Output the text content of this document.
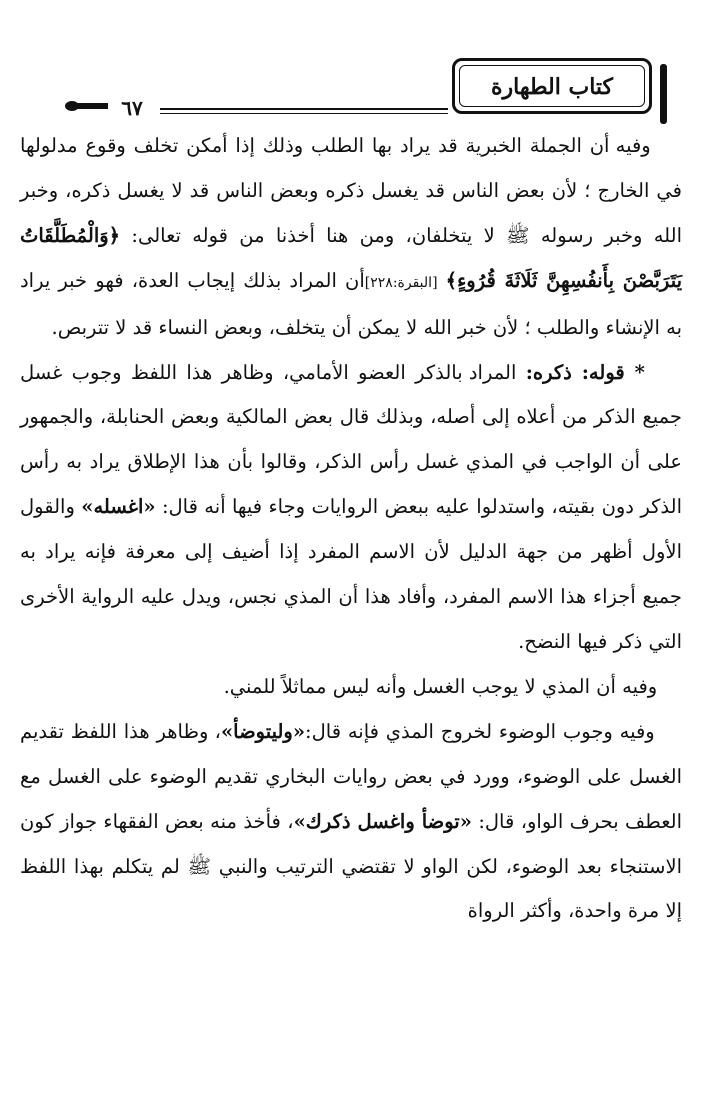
كتاب الطهارة
٦٧

وفيه أن الجملة الخبرية قد يراد بها الطلب وذلك إذا أمكن تخلف وقوع مدلولها في الخارج ؛ لأن بعض الناس قد يغسل ذكره وبعض الناس قد لا يغسل ذكره، وخبر الله وخبر رسوله ﷺ لا يتخلفان، ومن هنا أخذنا من قوله تعالى: ﴿وَالْمُطَلَّقَاتُ يَتَرَبَّصْنَ بِأَنفُسِهِنَّ ثَلَاثَةَ قُرُوءٍ﴾ [البقرة:٢٢٨]أن المراد بذلك إيجاب العدة، فهو خبر يراد به الإنشاء والطلب ؛ لأن خبر الله لا يمكن أن يتخلف، وبعض النساء قد لا تتربص.

* قوله: ذكره: المراد بالذكر العضو الأمامي، وظاهر هذا اللفظ وجوب غسل جميع الذكر من أعلاه إلى أصله، وبذلك قال بعض المالكية وبعض الحنابلة، والجمهور على أن الواجب في المذي غسل رأس الذكر، وقالوا بأن هذا الإطلاق يراد به رأس الذكر دون بقيته، واستدلوا عليه ببعض الروايات وجاء فيها أنه قال: «اغسله» والقول الأول أظهر من جهة الدليل لأن الاسم المفرد إذا أضيف إلى معرفة فإنه يراد به جميع أجزاء هذا الاسم المفرد، وأفاد هذا أن المذي نجس، ويدل عليه الرواية الأخرى التي ذكر فيها النضح.

وفيه أن المذي لا يوجب الغسل وأنه ليس مماثلاً للمني.

وفيه وجوب الوضوء لخروج المذي فإنه قال:«وليتوضأ»، وظاهر هذا اللفظ تقديم الغسل على الوضوء، وورد في بعض روايات البخاري تقديم الوضوء على الغسل مع العطف بحرف الواو، قال: «توضأ واغسل ذكرك»، فأخذ منه بعض الفقهاء جواز كون الاستنجاء بعد الوضوء، لكن الواو لا تقتضي الترتيب والنبي ﷺ لم يتكلم بهذا اللفظ إلا مرة واحدة، وأكثر الرواة
